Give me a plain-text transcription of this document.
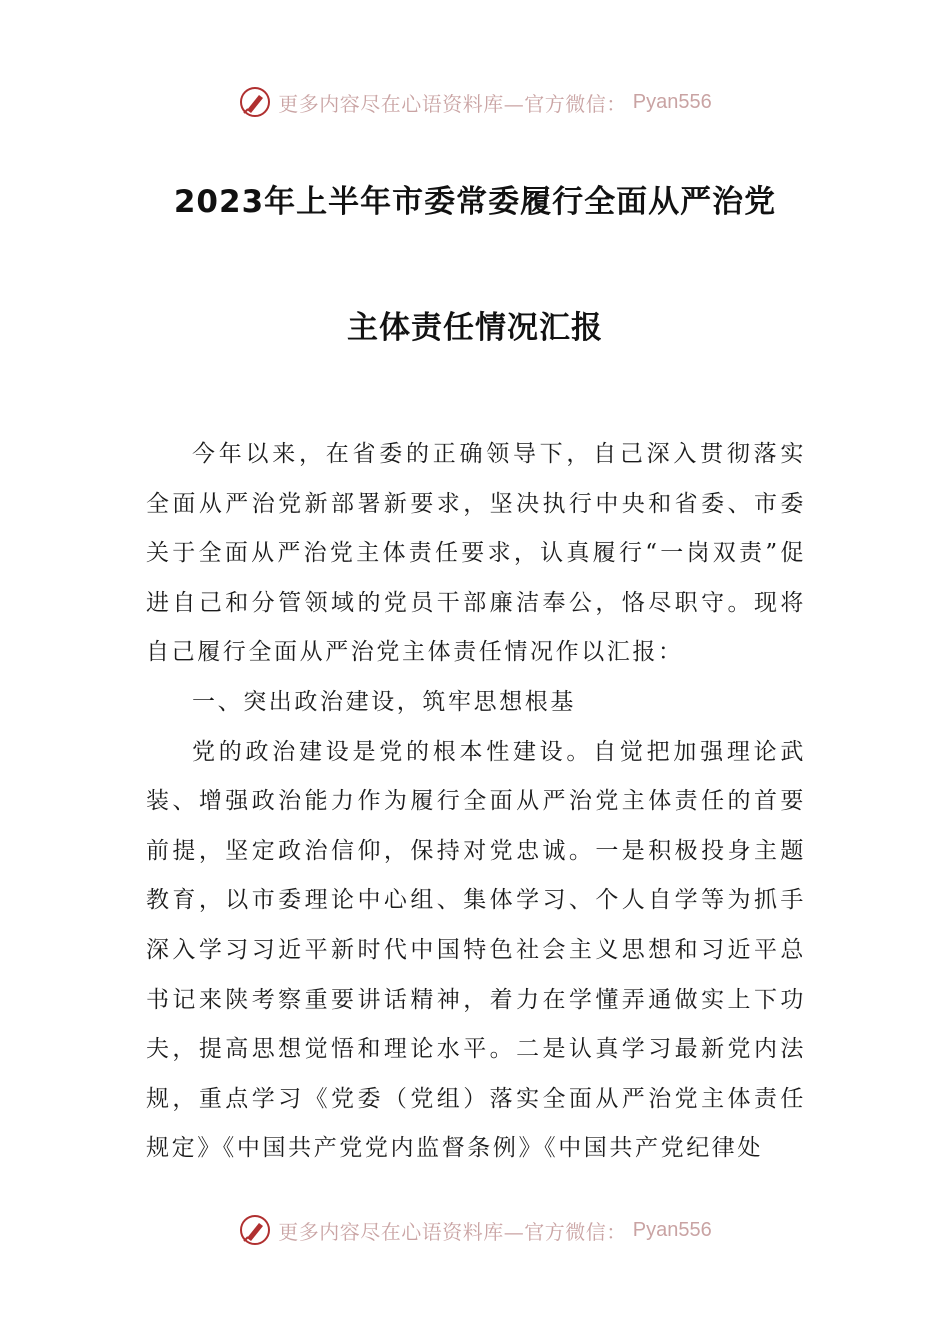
更多内容尽在心语资料库—官方微信： Pyan556
2023年上半年市委常委履行全面从严治党
主体责任情况汇报

今年以来，在省委的正确领导下，自己深入贯彻落实全面从严治党新部署新要求，坚决执行中央和省委、市委关于全面从严治党主体责任要求，认真履行“一岗双责”促进自己和分管领域的党员干部廉洁奉公，恪尽职守。现将自己履行全面从严治党主体责任情况作以汇报：

一、突出政治建设，筑牢思想根基

党的政治建设是党的根本性建设。自觉把加强理论武装、增强政治能力作为履行全面从严治党主体责任的首要前提，坚定政治信仰，保持对党忠诚。一是积极投身主题教育，以市委理论中心组、集体学习、个人自学等为抓手深入学习习近平新时代中国特色社会主义思想和习近平总书记来陕考察重要讲话精神，着力在学懂弄通做实上下功夫，提高思想觉悟和理论水平。二是认真学习最新党内法规，重点学习《党委（党组）落实全面从严治党主体责任规定》《中国共产党党内监督条例》《中国共产党纪律处

更多内容尽在心语资料库—官方微信： Pyan556
